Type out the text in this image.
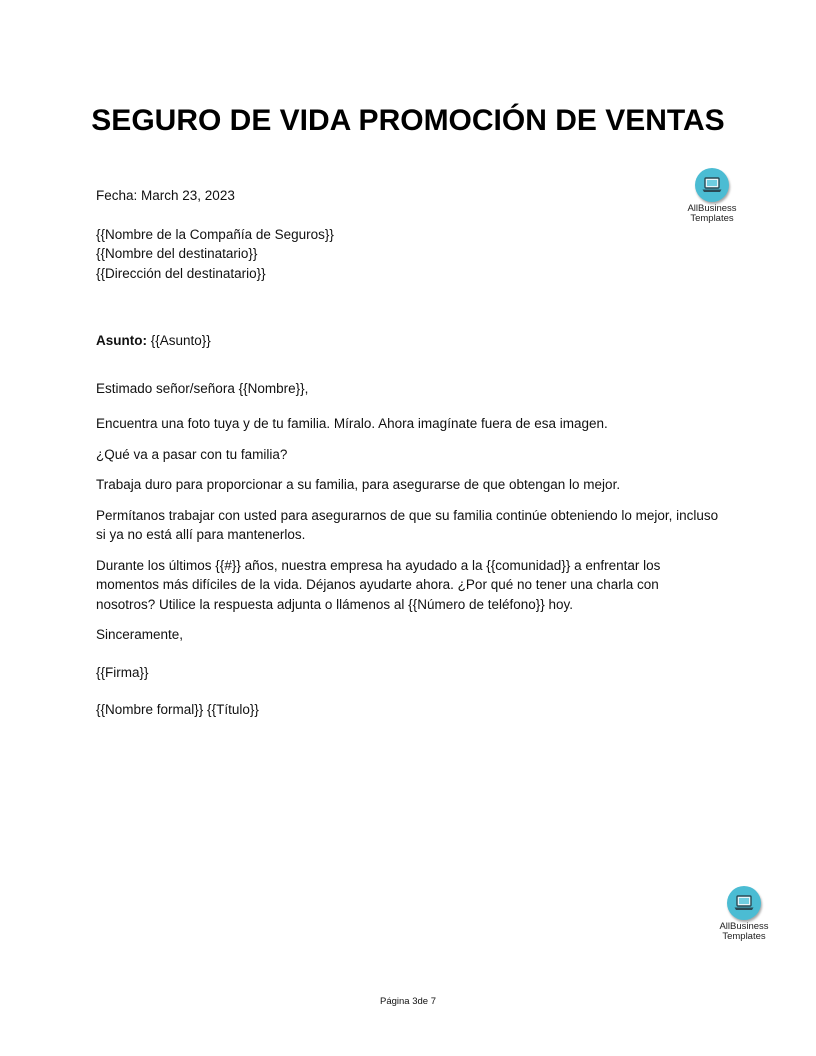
SEGURO DE VIDA PROMOCIÓN DE VENTAS
AllBusiness
Templates

Fecha: March 23, 2023

{{Nombre de la Compañía de Seguros}}

{{Nombre del destinatario}}

{{Dirección del destinatario}}

Asunto: {{Asunto}}

Estimado señor/señora {{Nombre}},

Encuentra una foto tuya y de tu familia. Míralo. Ahora imagínate fuera de esa imagen.

¿Qué va a pasar con tu familia?

Trabaja duro para proporcionar a su familia, para asegurarse de que obtengan lo mejor.

Permítanos trabajar con usted para asegurarnos de que su familia continúe obteniendo lo mejor, incluso si ya no está allí para mantenerlos.

Durante los últimos {{#}} años, nuestra empresa ha ayudado a la {{comunidad}} a enfrentar los momentos más difíciles de la vida. Déjanos ayudarte ahora. ¿Por qué no tener una charla con nosotros? Utilice la respuesta adjunta o llámenos al {{Número de teléfono}} hoy.

Sinceramente,

{{Firma}}

{{Nombre formal}} {{Título}}

AllBusiness
Templates
Página 3de 7
